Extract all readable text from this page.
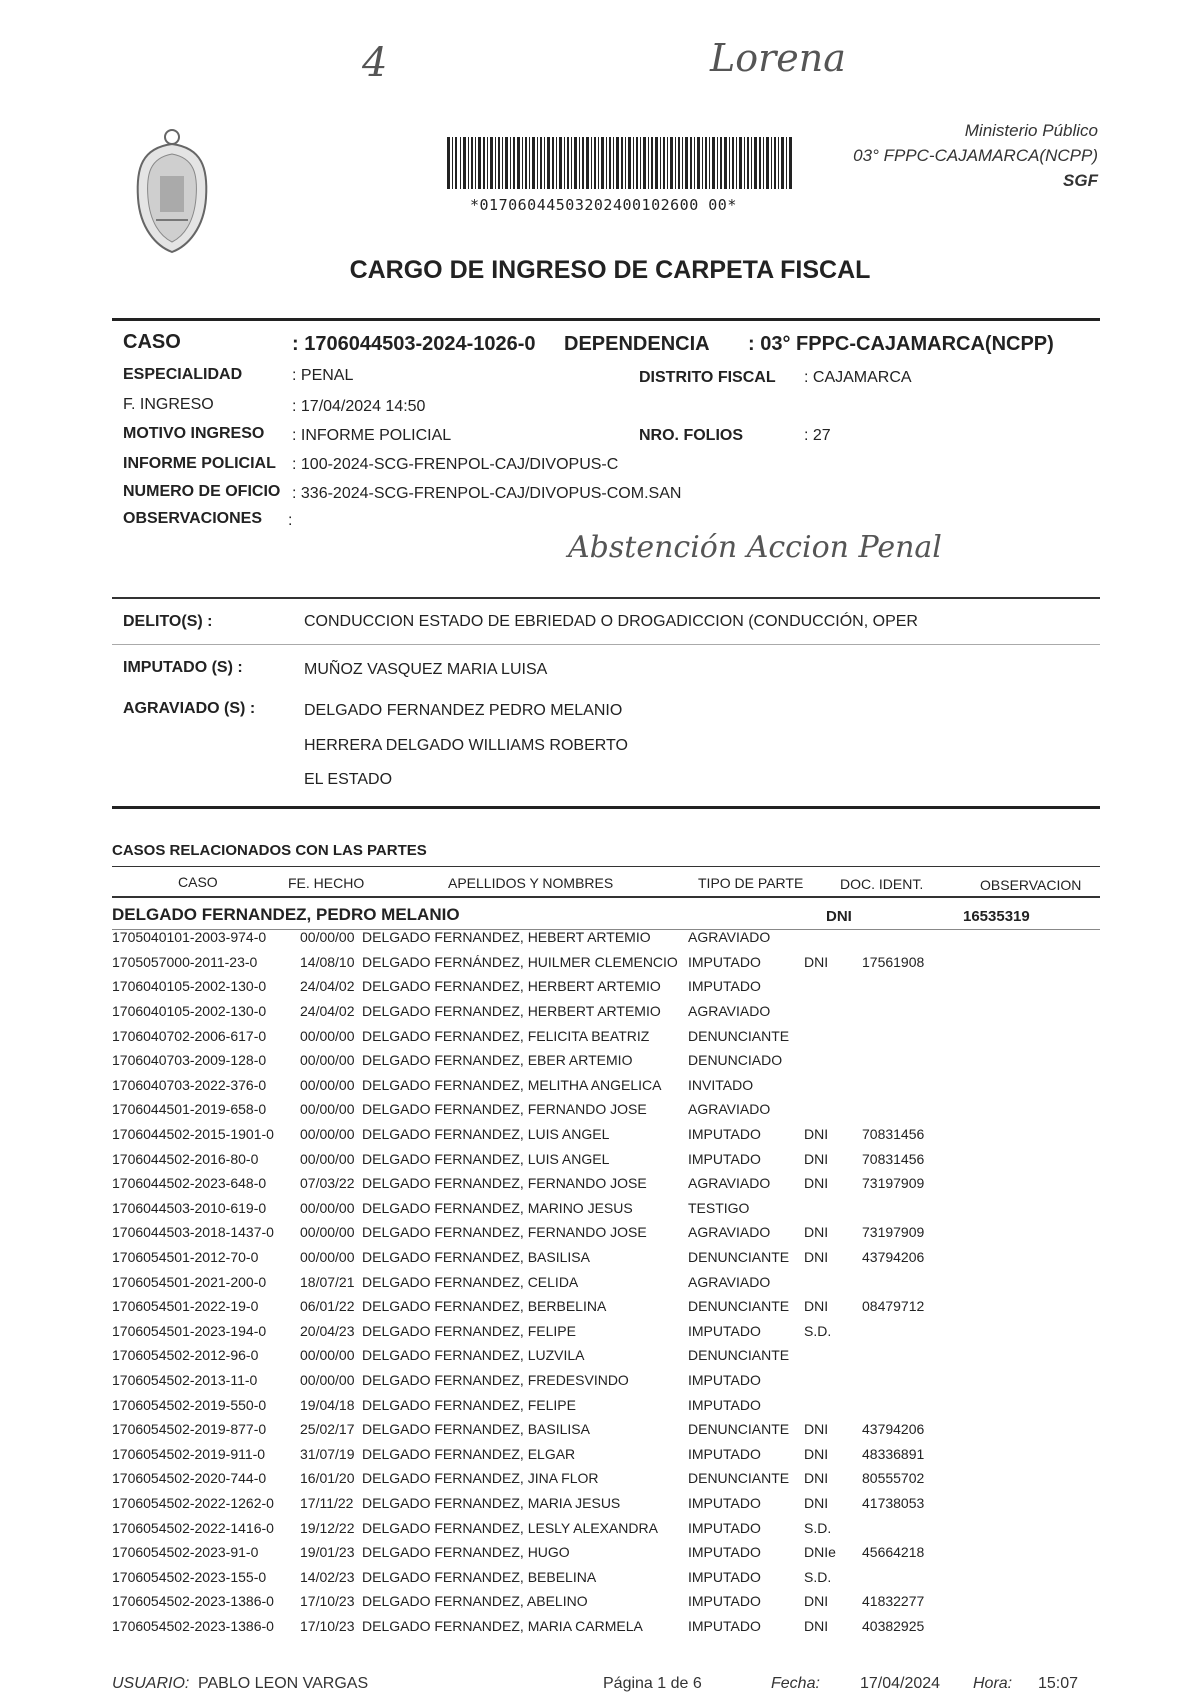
4	Lorena
*01706044503202400102600 00*
Ministerio Público
03° FPPC-CAJAMARCA(NCPP)
SGF
CARGO DE INGRESO DE CARPETA FISCAL
CASO	: 1706044503-2024-1026-0 DEPENDENCIA : 03° FPPC-CAJAMARCA(NCPP)
ESPECIALIDAD	: PENAL	DISTRITO FISCAL : CAJAMARCA
F. INGRESO	: 17/04/2024 14:50
MOTIVO INGRESO : INFORME POLICIAL	NRO. FOLIOS	: 27
INFORME POLICIAL : 100-2024-SCG-FRENPOL-CAJ/DIVOPUS-C
NUMERO DE OFICIO : 336-2024-SCG-FRENPOL-CAJ/DIVOPUS-COM.SAN
OBSERVACIONES :
Abstención Accion Penal
DELITO(S) :	CONDUCCION ESTADO DE EBRIEDAD O DROGADICCION (CONDUCCIÓN, OPER
IMPUTADO (S) :	MUÑOZ VASQUEZ MARIA LUISA
AGRAVIADO (S) :	DELGADO FERNANDEZ PEDRO MELANIO
HERRERA DELGADO WILLIAMS ROBERTO
EL ESTADO
CASOS RELACIONADOS CON LAS PARTES
CASO	FE. HECHO	APELLIDOS Y NOMBRES	TIPO DE PARTE	DOC. IDENT.	OBSERVACION
DELGADO FERNANDEZ, PEDRO MELANIO	DNI	16535319
1705040101-2003-974-0	00/00/00	DELGADO FERNANDEZ, HEBERT ARTEMIO	AGRAVIADO		
1705057000-2011-23-0	14/08/10	DELGADO FERNÁNDEZ, HUILMER CLEMENCIO	IMPUTADO	DNI	17561908
1706040105-2002-130-0	24/04/02	DELGADO FERNANDEZ, HERBERT ARTEMIO	IMPUTADO		
1706040105-2002-130-0	24/04/02	DELGADO FERNANDEZ, HERBERT ARTEMIO	AGRAVIADO		
1706040702-2006-617-0	00/00/00	DELGADO FERNANDEZ, FELICITA BEATRIZ	DENUNCIANTE		
1706040703-2009-128-0	00/00/00	DELGADO FERNANDEZ, EBER ARTEMIO	DENUNCIADO		
1706040703-2022-376-0	00/00/00	DELGADO FERNANDEZ, MELITHA ANGELICA	INVITADO		
1706044501-2019-658-0	00/00/00	DELGADO FERNANDEZ, FERNANDO JOSE	AGRAVIADO		
1706044502-2015-1901-0	00/00/00	DELGADO FERNANDEZ, LUIS ANGEL	IMPUTADO	DNI	70831456
1706044502-2016-80-0	00/00/00	DELGADO FERNANDEZ, LUIS ANGEL	IMPUTADO	DNI	70831456
1706044502-2023-648-0	07/03/22	DELGADO FERNANDEZ, FERNANDO JOSE	AGRAVIADO	DNI	73197909
1706044503-2010-619-0	00/00/00	DELGADO FERNANDEZ, MARINO JESUS	TESTIGO		
1706044503-2018-1437-0	00/00/00	DELGADO FERNANDEZ, FERNANDO JOSE	AGRAVIADO	DNI	73197909
1706054501-2012-70-0	00/00/00	DELGADO FERNANDEZ, BASILISA	DENUNCIANTE	DNI	43794206
1706054501-2021-200-0	18/07/21	DELGADO FERNANDEZ, CELIDA	AGRAVIADO		
1706054501-2022-19-0	06/01/22	DELGADO FERNANDEZ, BERBELINA	DENUNCIANTE	DNI	08479712
1706054501-2023-194-0	20/04/23	DELGADO FERNANDEZ, FELIPE	IMPUTADO	S.D.	
1706054502-2012-96-0	00/00/00	DELGADO FERNANDEZ, LUZVILA	DENUNCIANTE		
1706054502-2013-11-0	00/00/00	DELGADO FERNANDEZ, FREDESVINDO	IMPUTADO		
1706054502-2019-550-0	19/04/18	DELGADO FERNANDEZ, FELIPE	IMPUTADO		
1706054502-2019-877-0	25/02/17	DELGADO FERNANDEZ, BASILISA	DENUNCIANTE	DNI	43794206
1706054502-2019-911-0	31/07/19	DELGADO FERNANDEZ, ELGAR	IMPUTADO	DNI	48336891
1706054502-2020-744-0	16/01/20	DELGADO FERNANDEZ, JINA FLOR	DENUNCIANTE	DNI	80555702
1706054502-2022-1262-0	17/11/22	DELGADO FERNANDEZ, MARIA JESUS	IMPUTADO	DNI	41738053
1706054502-2022-1416-0	19/12/22	DELGADO FERNANDEZ, LESLY ALEXANDRA	IMPUTADO	S.D.	
1706054502-2023-91-0	19/01/23	DELGADO FERNANDEZ, HUGO	IMPUTADO	DNIe	45664218
1706054502-2023-155-0	14/02/23	DELGADO FERNANDEZ, BEBELINA	IMPUTADO	S.D.	
1706054502-2023-1386-0	17/10/23	DELGADO FERNANDEZ, ABELINO	IMPUTADO	DNI	41832277
1706054502-2023-1386-0	17/10/23	DELGADO FERNANDEZ, MARIA CARMELA	IMPUTADO	DNI	40382925
USUARIO: PABLO LEON VARGAS	Página 1 de 6	Fecha:	17/04/2024 Hora: 15:07
